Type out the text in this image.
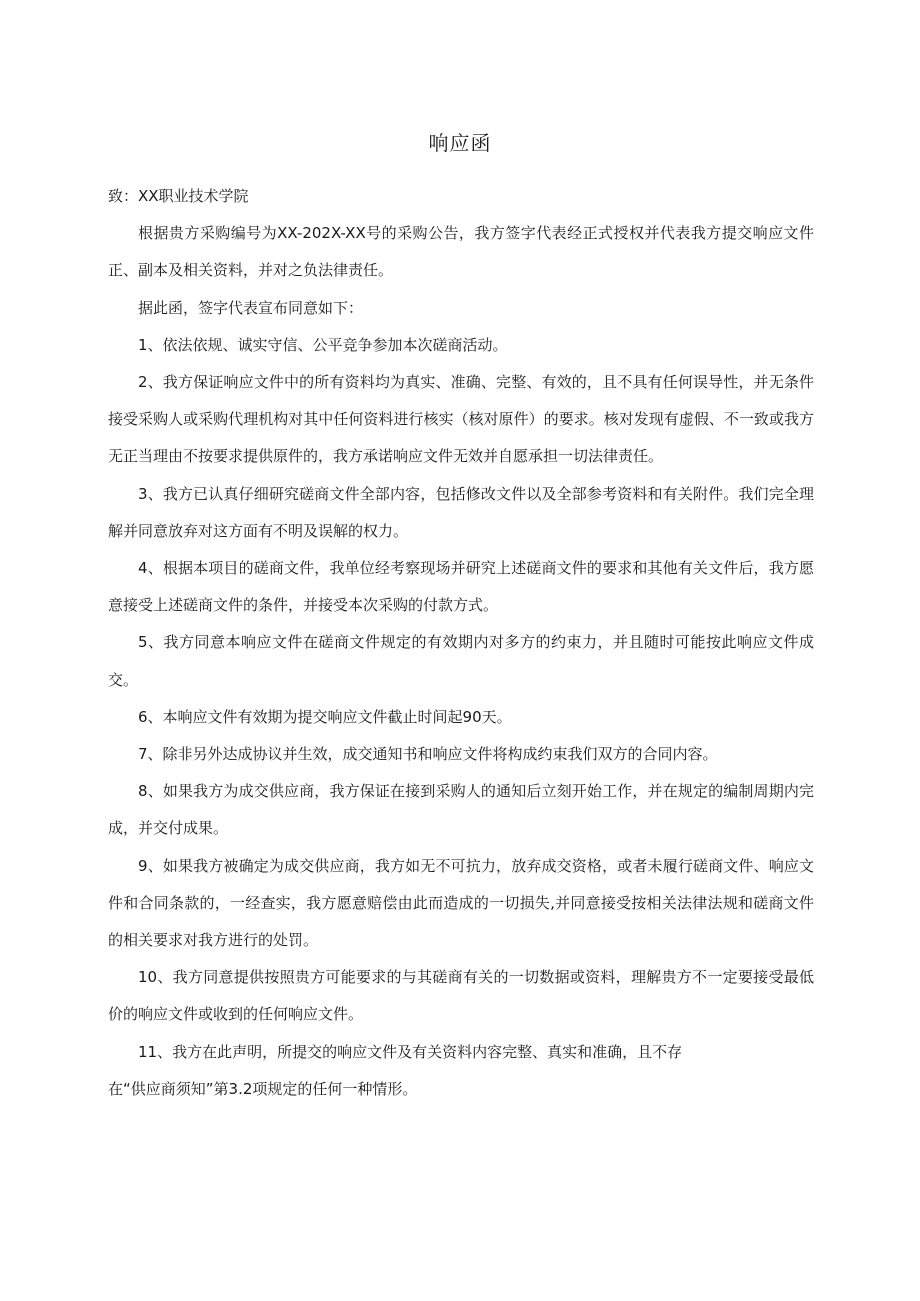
响应函

致：XX职业技术学院

根据贵方采购编号为XX-202X-XX号的采购公告，我方签字代表经正式授权并代表我方提交响应文件正、副本及相关资料，并对之负法律责任。

据此函，签字代表宣布同意如下：

1、依法依规、诚实守信、公平竞争参加本次磋商活动。

2、我方保证响应文件中的所有资料均为真实、准确、完整、有效的，且不具有任何误导性，并无条件接受采购人或采购代理机构对其中任何资料进行核实（核对原件）的要求。核对发现有虚假、不一致或我方无正当理由不按要求提供原件的，我方承诺响应文件无效并自愿承担一切法律责任。

3、我方已认真仔细研究磋商文件全部内容，包括修改文件以及全部参考资料和有关附件。我们完全理解并同意放弃对这方面有不明及误解的权力。

4、根据本项目的磋商文件，我单位经考察现场并研究上述磋商文件的要求和其他有关文件后，我方愿意接受上述磋商文件的条件，并接受本次采购的付款方式。

5、我方同意本响应文件在磋商文件规定的有效期内对多方的约束力，并且随时可能按此响应文件成交。

6、本响应文件有效期为提交响应文件截止时间起90天。

7、除非另外达成协议并生效，成交通知书和响应文件将构成约束我们双方的合同内容。

8、如果我方为成交供应商，我方保证在接到采购人的通知后立刻开始工作，并在规定的编制周期内完成，并交付成果。

9、如果我方被确定为成交供应商，我方如无不可抗力，放弃成交资格，或者未履行磋商文件、响应文件和合同条款的，一经查实，我方愿意赔偿由此而造成的一切损失,并同意接受按相关法律法规和磋商文件的相关要求对我方进行的处罚。

10、我方同意提供按照贵方可能要求的与其磋商有关的一切数据或资料，理解贵方不一定要接受最低价的响应文件或收到的任何响应文件。

11、我方在此声明，所提交的响应文件及有关资料内容完整、真实和准确，且不存

在“供应商须知”第3.2项规定的任何一种情形。
